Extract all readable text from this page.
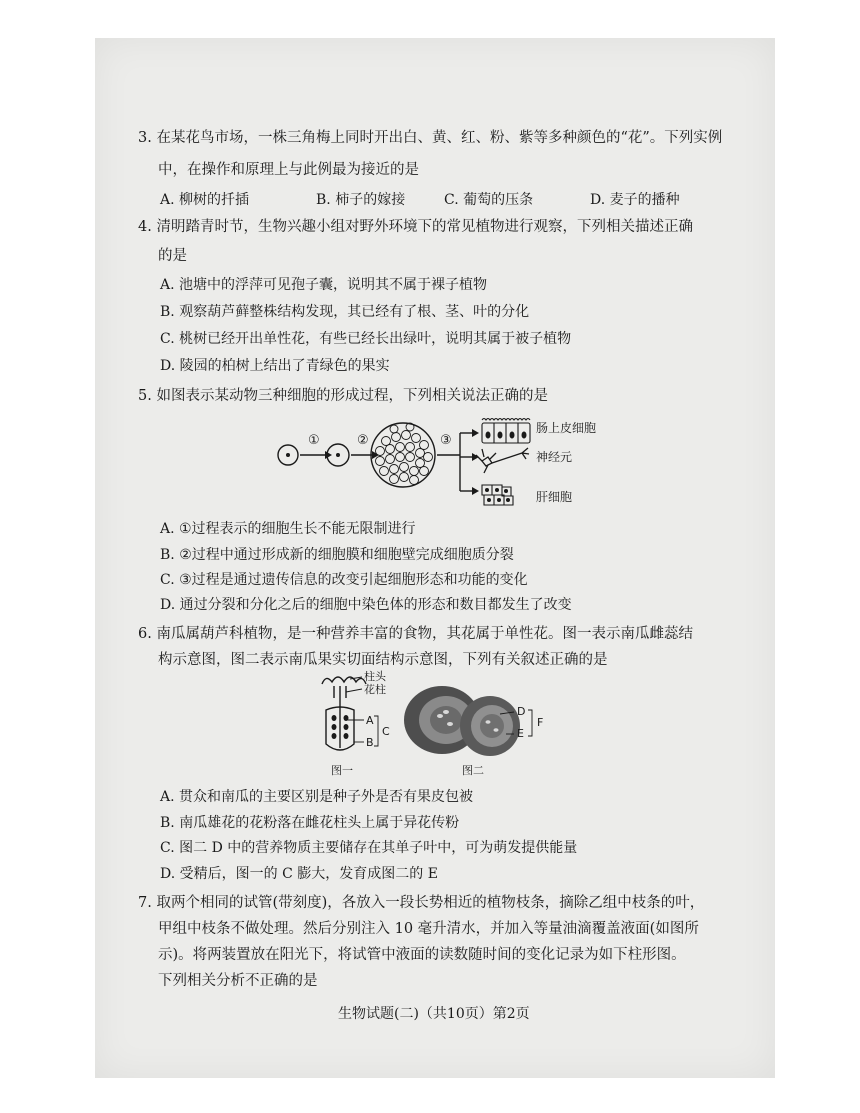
3. 在某花鸟市场，一株三角梅上同时开出白、黄、红、粉、紫等多种颜色的“花”。下列实例
中，在操作和原理上与此例最为接近的是
A. 柳树的扦插	B. 柿子的嫁接	C. 葡萄的压条	D. 麦子的播种
4. 清明踏青时节，生物兴趣小组对野外环境下的常见植物进行观察，下列相关描述正确
的是
A. 池塘中的浮萍可见孢子囊，说明其不属于裸子植物
B. 观察葫芦藓整株结构发现，其已经有了根、茎、叶的分化
C. 桃树已经开出单性花，有些已经长出绿叶，说明其属于被子植物
D. 陵园的柏树上结出了青绿色的果实
5. 如图表示某动物三种细胞的形成过程，下列相关说法正确的是
①	②	③
肠上皮细胞
神经元
肝细胞
A. ①过程表示的细胞生长不能无限制进行
B. ②过程中通过形成新的细胞膜和细胞壁完成细胞质分裂
C. ③过程是通过遗传信息的改变引起细胞形态和功能的变化
D. 通过分裂和分化之后的细胞中染色体的形态和数目都发生了改变
6. 南瓜属葫芦科植物，是一种营养丰富的食物，其花属于单性花。图一表示南瓜雌蕊结
构示意图，图二表示南瓜果实切面结构示意图，下列有关叙述正确的是
柱头
花柱
A
B
C
图一
D
E
F
图二
A. 贯众和南瓜的主要区别是种子外是否有果皮包被
B. 南瓜雄花的花粉落在雌花柱头上属于异花传粉
C. 图二 D 中的营养物质主要储存在其单子叶中，可为萌发提供能量
D. 受精后，图一的 C 膨大，发育成图二的 E
7. 取两个相同的试管(带刻度)，各放入一段长势相近的植物枝条，摘除乙组中枝条的叶，
甲组中枝条不做处理。然后分别注入 10 毫升清水，并加入等量油滴覆盖液面(如图所
示)。将两装置放在阳光下，将试管中液面的读数随时间的变化记录为如下柱形图。
下列相关分析不正确的是
生物试题(二)（共10页）第2页
